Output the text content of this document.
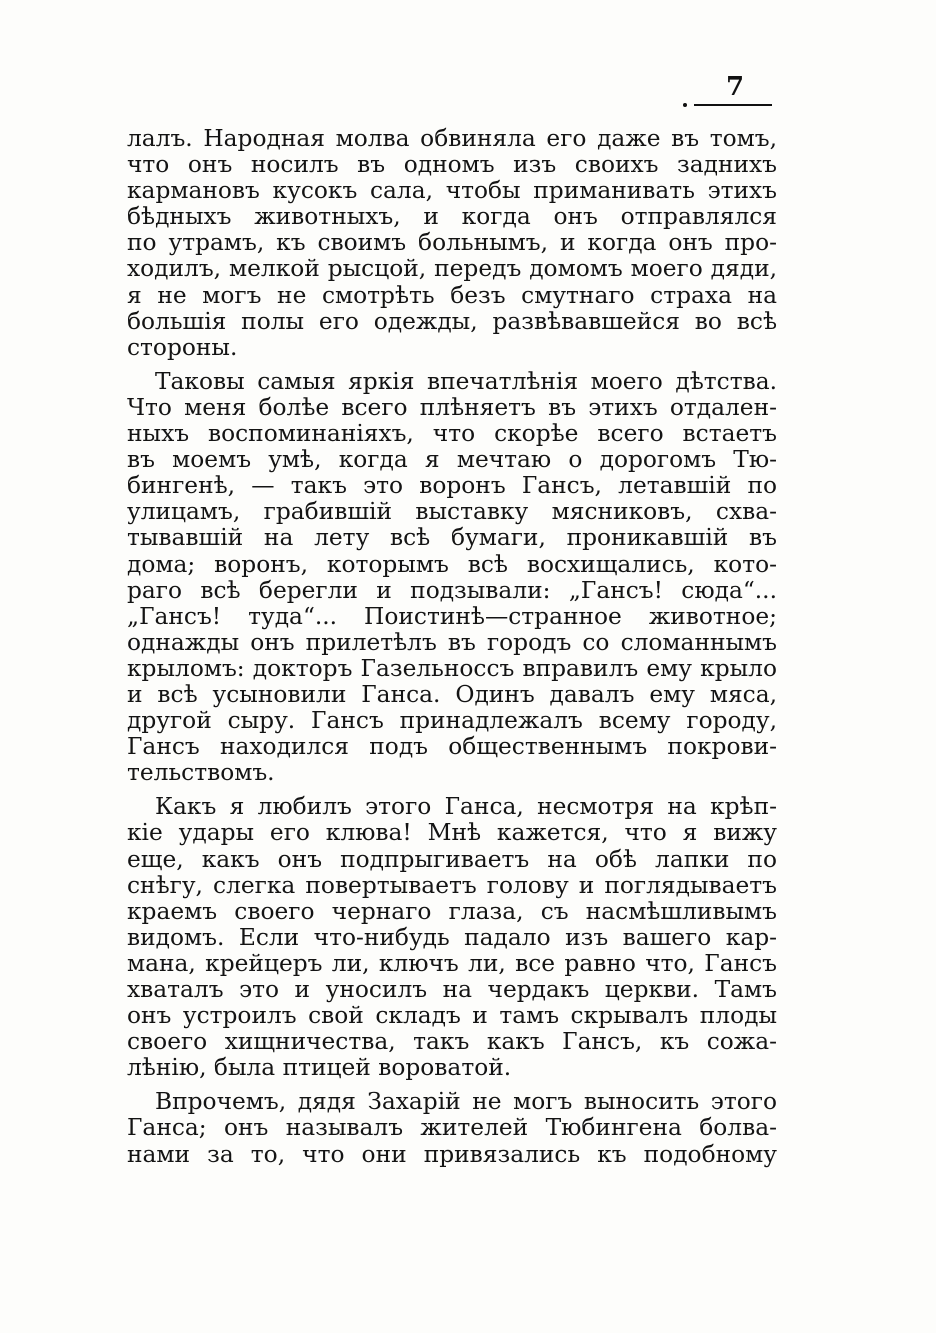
7
лалъ. Народная молва обвиняла его даже въ томъ,
что онъ носилъ въ одномъ изъ своихъ заднихъ
кармановъ кусокъ сала, чтобы приманивать этихъ
бѣдныхъ животныхъ, и когда онъ отправлялся
по утрамъ, къ своимъ больнымъ, и когда онъ про-
ходилъ, мелкой рысцой, передъ домомъ моего дяди,
я не могъ не смотрѣть безъ смутнаго страха на
большія полы его одежды, развѣвавшейся во всѣ
стороны.
Таковы самыя яркія впечатлѣнія моего дѣтства.
Что меня болѣе всего плѣняетъ въ этихъ отдален-
ныхъ воспоминаніяхъ, что скорѣе всего встаетъ
въ моемъ умѣ, когда я мечтаю о дорогомъ Тю-
бингенѣ, — такъ это воронъ Гансъ, летавшій по
улицамъ, грабившій выставку мясниковъ, схва-
тывавшій на лету всѣ бумаги, проникавшій въ
дома; воронъ, которымъ всѣ восхищались, кото-
раго всѣ берегли и подзывали: „Гансъ! сюда“...
„Гансъ! туда“... Поистинѣ—странное животное;
однажды онъ прилетѣлъ въ городъ со сломаннымъ
крыломъ: докторъ Газельноссъ вправилъ ему крыло
и всѣ усыновили Ганса. Одинъ давалъ ему мяса,
другой сыру. Гансъ принадлежалъ всему городу,
Гансъ находился подъ общественнымъ покрови-
тельствомъ.
Какъ я любилъ этого Ганса, несмотря на крѣп-
кіе удары его клюва! Мнѣ кажется, что я вижу
еще, какъ онъ подпрыгиваетъ на обѣ лапки по
снѣгу, слегка повертываетъ голову и поглядываетъ
краемъ своего чернаго глаза, съ насмѣшливымъ
видомъ. Если что-нибудь падало изъ вашего кар-
мана, крейцеръ ли, ключъ ли, все равно что, Гансъ
хваталъ это и уносилъ на чердакъ церкви. Тамъ
онъ устроилъ свой складъ и тамъ скрывалъ плоды
своего хищничества, такъ какъ Гансъ, къ сожа-
лѣнію, была птицей вороватой.
Впрочемъ, дядя Захарій не могъ выносить этого
Ганса; онъ называлъ жителей Тюбингена болва-
нами за то, что они привязались къ подобному
